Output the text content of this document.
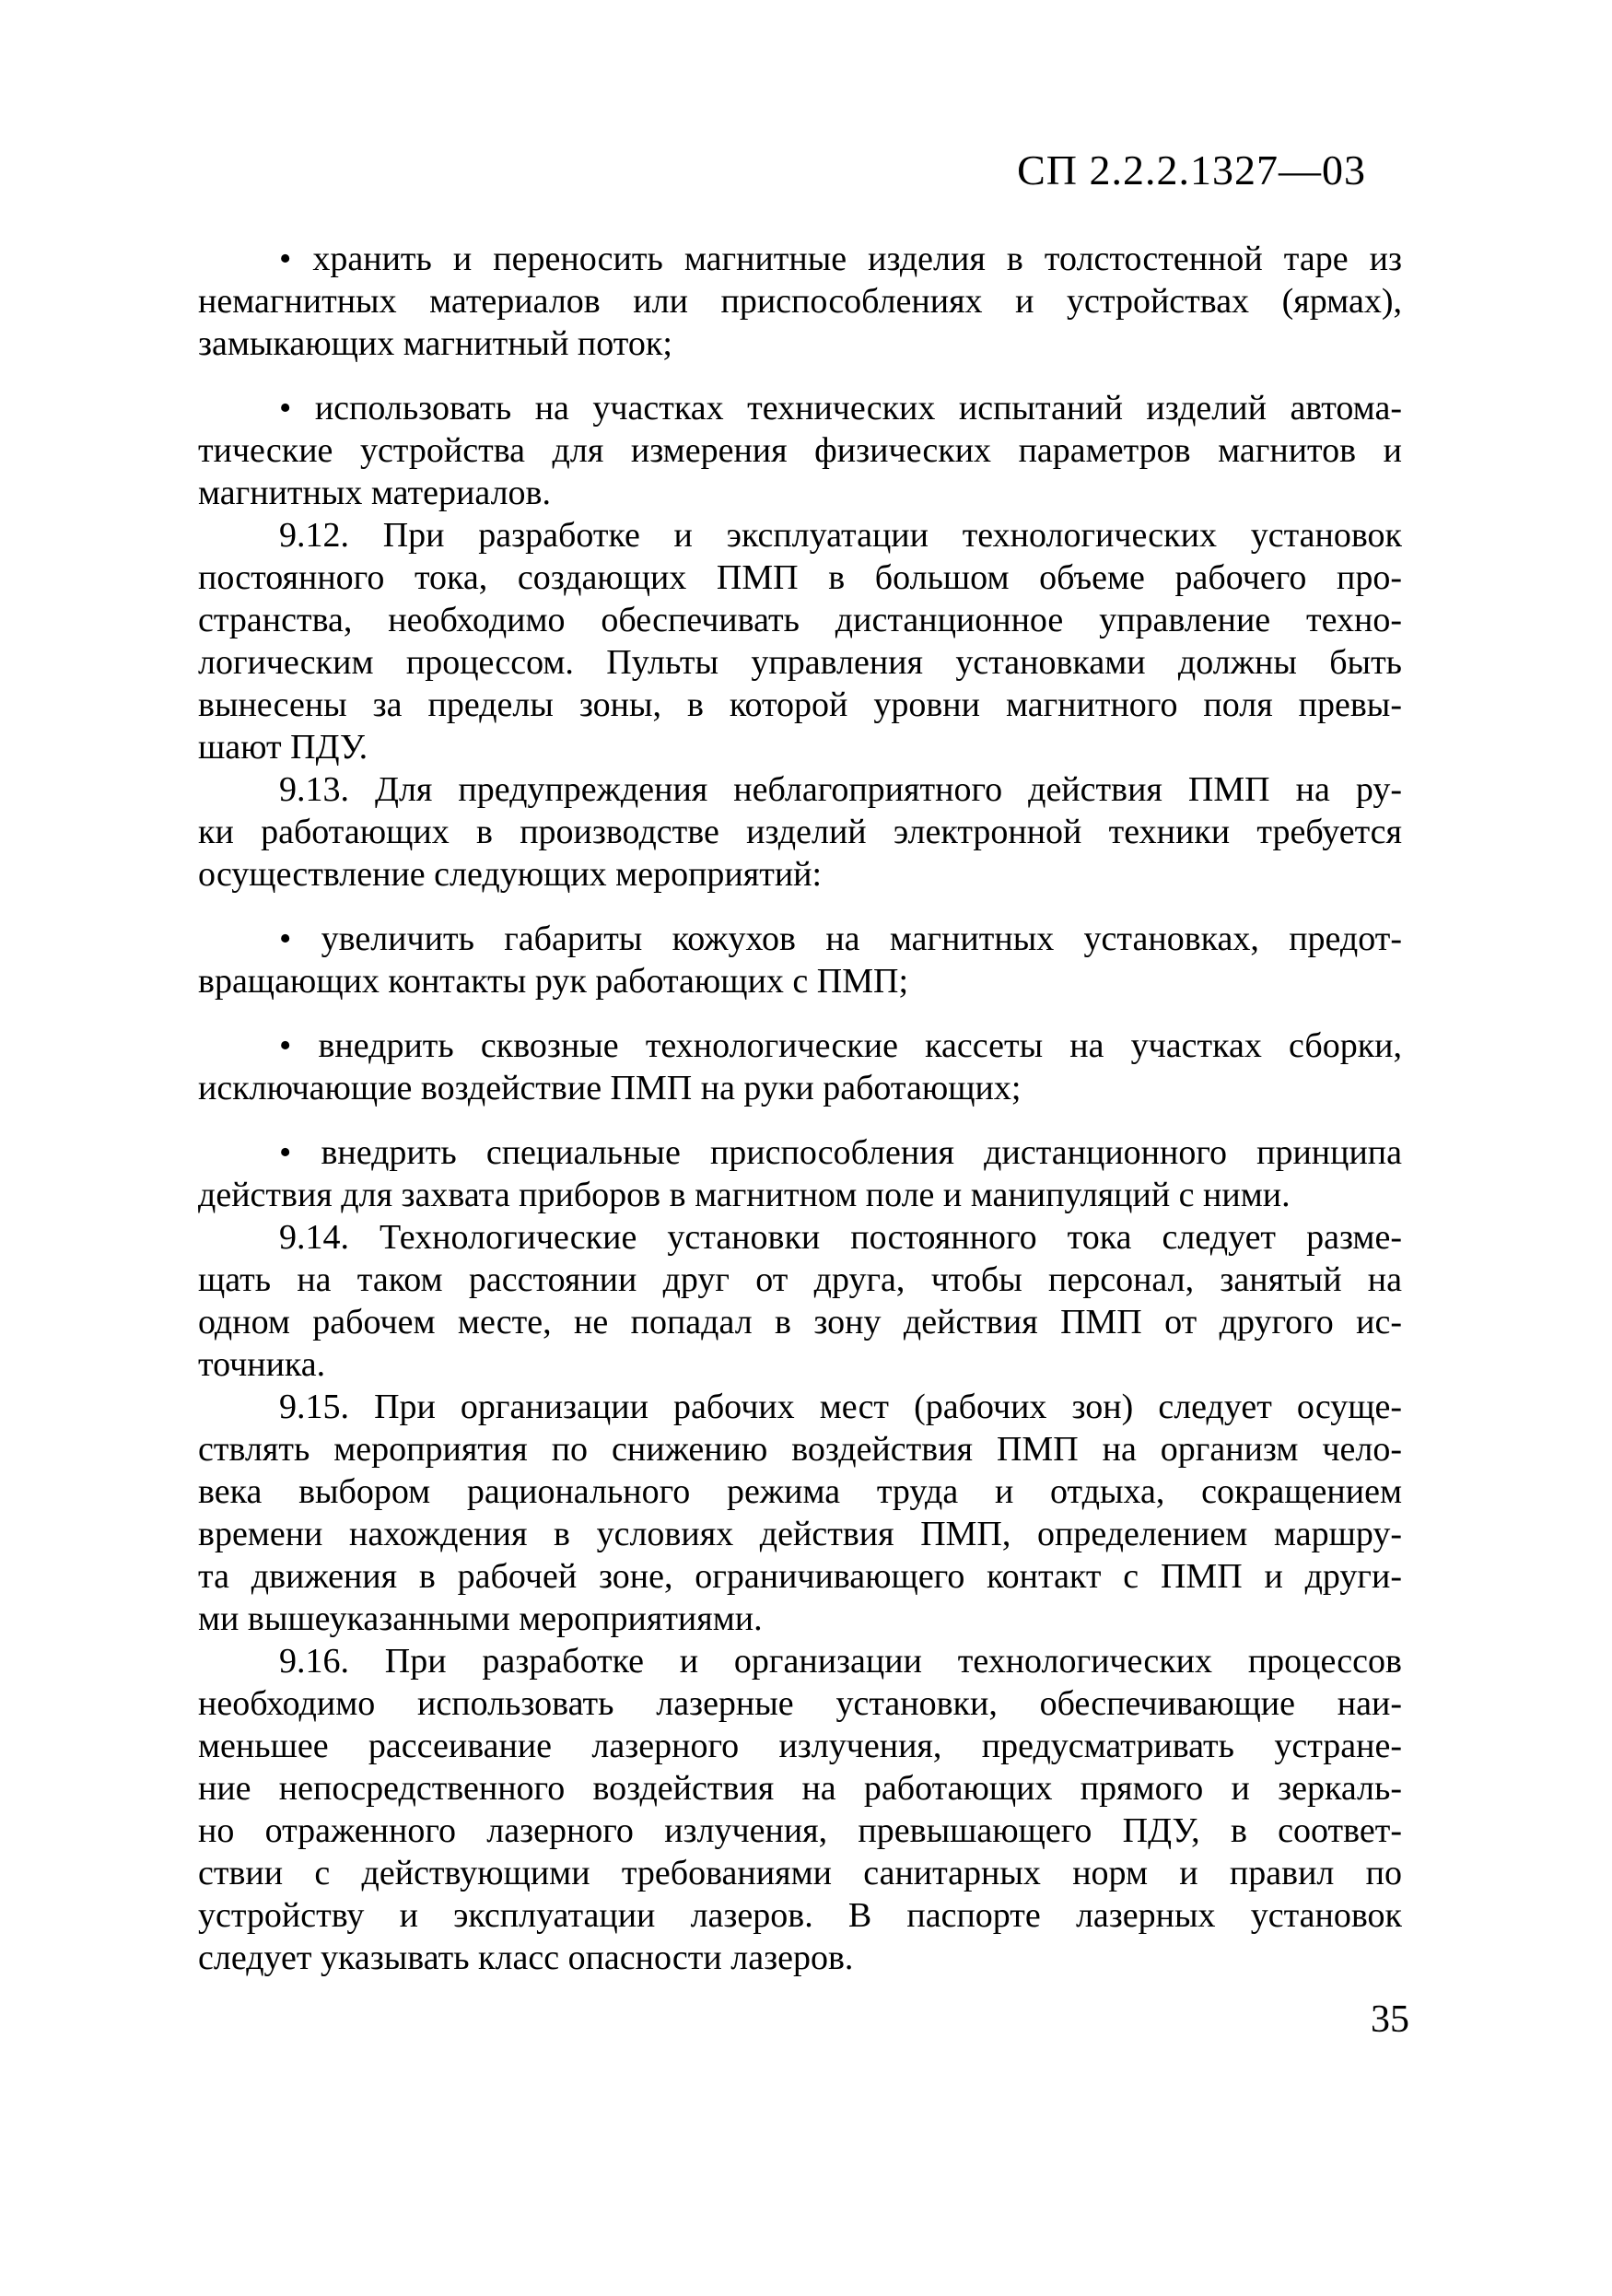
СП 2.2.2.1327—03
• хранить и переносить магнитные изделия в толстостенной таре из
немагнитных материалов или приспособлениях и устройствах (ярмах),
замыкающих магнитный поток;
• использовать на участках технических испытаний изделий автома-
тические устройства для измерения физических параметров магнитов и
магнитных материалов.
9.12. При разработке и эксплуатации технологических установок
постоянного тока, создающих ПМП в большом объеме рабочего про-
странства, необходимо обеспечивать дистанционное управление техно-
логическим процессом. Пульты управления установками должны быть
вынесены за пределы зоны, в которой уровни магнитного поля превы-
шают ПДУ.
9.13. Для предупреждения неблагоприятного действия ПМП на ру-
ки работающих в производстве изделий электронной техники требуется
осуществление следующих мероприятий:
• увеличить габариты кожухов на магнитных установках, предот-
вращающих контакты рук работающих с ПМП;
• внедрить сквозные технологические кассеты на участках сборки,
исключающие воздействие ПМП на руки работающих;
• внедрить специальные приспособления дистанционного принципа
действия для захвата приборов в магнитном поле и манипуляций с ними.
9.14. Технологические установки постоянного тока следует разме-
щать на таком расстоянии друг от друга, чтобы персонал, занятый на
одном рабочем месте, не попадал в зону действия ПМП от другого ис-
точника.
9.15. При организации рабочих мест (рабочих зон) следует осуще-
ствлять мероприятия по снижению воздействия ПМП на организм чело-
века выбором рационального режима труда и отдыха, сокращением
времени нахождения в условиях действия ПМП, определением маршру-
та движения в рабочей зоне, ограничивающего контакт с ПМП и други-
ми вышеуказанными мероприятиями.
9.16. При разработке и организации технологических процессов
необходимо использовать лазерные установки, обеспечивающие наи-
меньшее рассеивание лазерного излучения, предусматривать устране-
ние непосредственного воздействия на работающих прямого и зеркаль-
но отраженного лазерного излучения, превышающего ПДУ, в соответ-
ствии с действующими требованиями санитарных норм и правил по
устройству и эксплуатации лазеров. В паспорте лазерных установок
следует указывать класс опасности лазеров.
35
